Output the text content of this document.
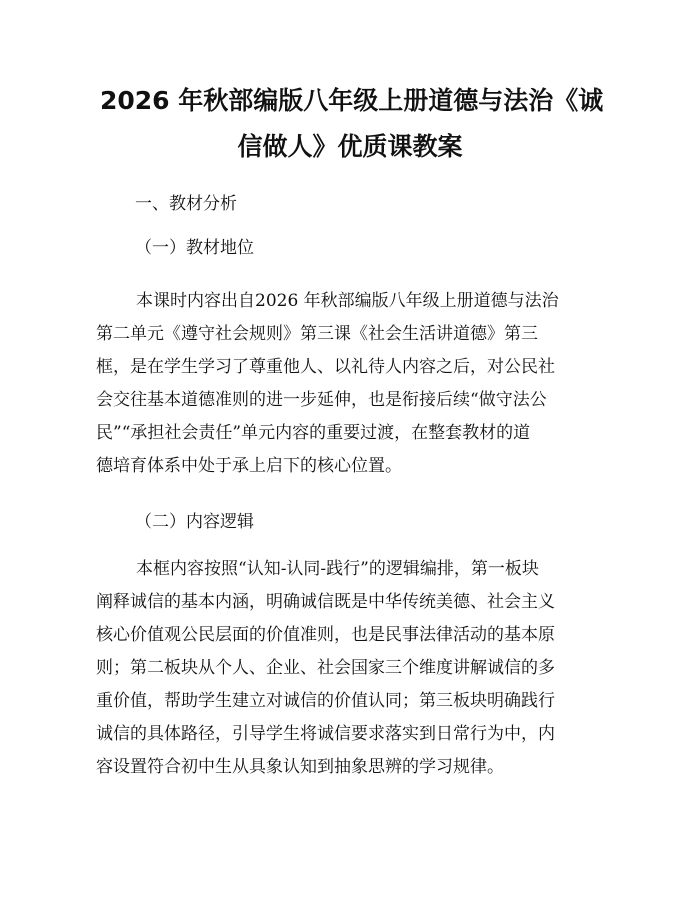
2026 年秋部编版八年级上册道德与法治《诚
信做人》优质课教案
一、教材分析
（一）教材地位
本课时内容出自2026 年秋部编版八年级上册道德与法治
第二单元《遵守社会规则》第三课《社会生活讲道德》第三
框，是在学生学习了尊重他人、以礼待人内容之后，对公民社
会交往基本道德准则的进一步延伸，也是衔接后续“做守法公
民”“承担社会责任”单元内容的重要过渡，在整套教材的道
德培育体系中处于承上启下的核心位置。
（二）内容逻辑
本框内容按照“认知-认同-践行”的逻辑编排，第一板块
阐释诚信的基本内涵，明确诚信既是中华传统美德、社会主义
核心价值观公民层面的价值准则，也是民事法律活动的基本原
则；第二板块从个人、企业、社会国家三个维度讲解诚信的多
重价值，帮助学生建立对诚信的价值认同；第三板块明确践行
诚信的具体路径，引导学生将诚信要求落实到日常行为中，内
容设置符合初中生从具象认知到抽象思辨的学习规律。
